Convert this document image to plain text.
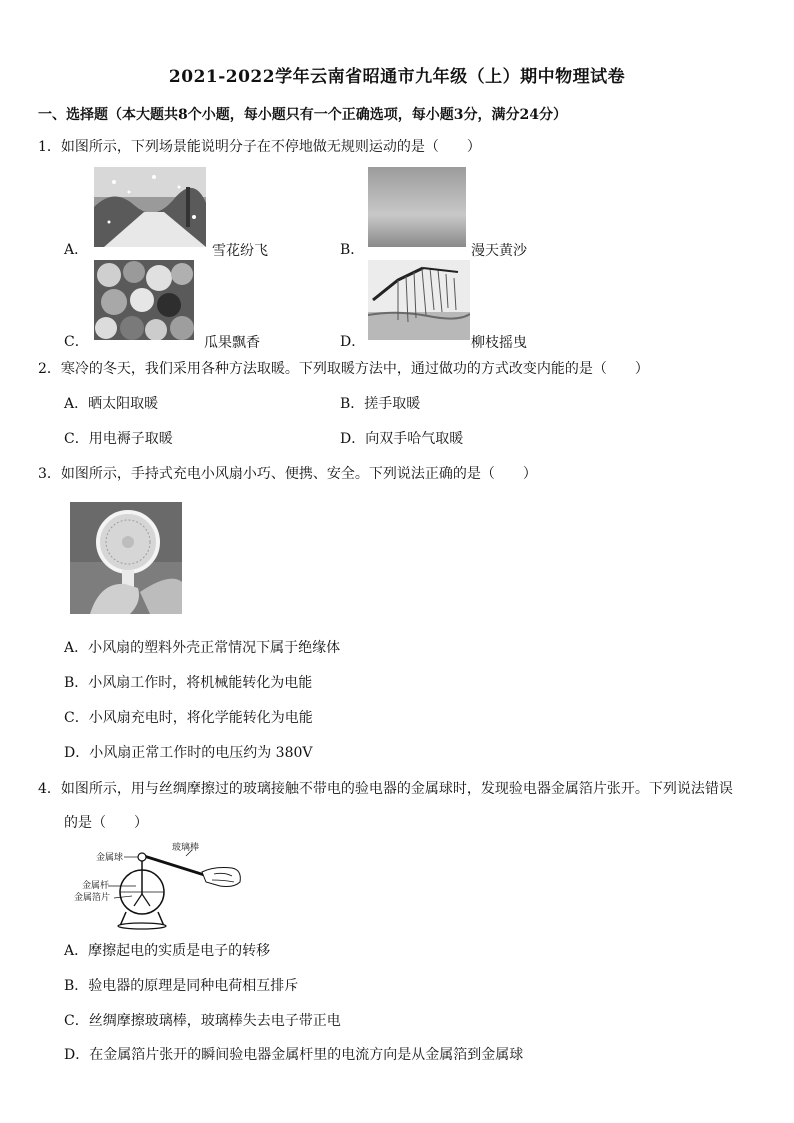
2021-2022学年云南省昭通市九年级（上）期中物理试卷
一、选择题（本大题共8个小题，每小题只有一个正确选项，每小题3分，满分24分）
1．如图所示，下列场景能说明分子在不停地做无规则运动的是（　　）
A．	雪花纷飞	B．	漫天黄沙
C．	瓜果飘香	D．	柳枝摇曳
2．寒冷的冬天，我们采用各种方法取暖。下列取暖方法中，通过做功的方式改变内能的是（　　）
A．晒太阳取暖	B．搓手取暖
C．用电褥子取暖	D．向双手哈气取暖
3．如图所示，手持式充电小风扇小巧、便携、安全。下列说法正确的是（　　）
A．小风扇的塑料外壳正常情况下属于绝缘体
B．小风扇工作时，将机械能转化为电能
C．小风扇充电时，将化学能转化为电能
D．小风扇正常工作时的电压约为 380V
4．如图所示，用与丝绸摩擦过的玻璃接触不带电的验电器的金属球时，发现验电器金属箔片张开。下列说法错误
的是（　　）
金属球
玻璃棒
金属杆
金属箔片
A．摩擦起电的实质是电子的转移
B．验电器的原理是同种电荷相互排斥
C．丝绸摩擦玻璃棒，玻璃棒失去电子带正电
D．在金属箔片张开的瞬间验电器金属杆里的电流方向是从金属箔到金属球
